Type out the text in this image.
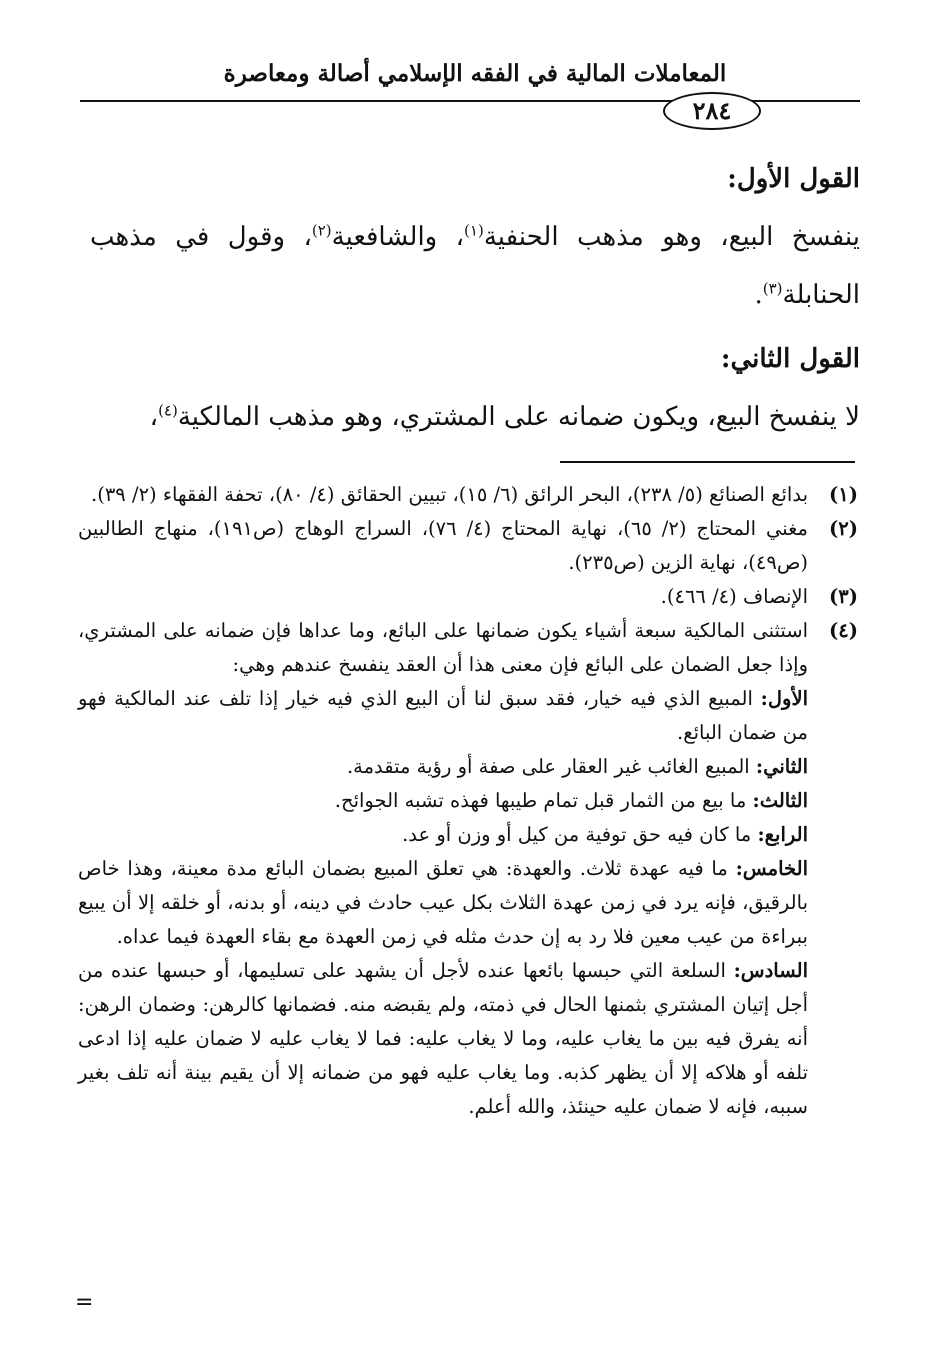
المعاملات المالية في الفقه الإسلامي أصالة ومعاصرة
٢٨٤
القول الأول:
ينفسخ البيع، وهو مذهب الحنفية$^{(١)}$، والشافعية$^{(٢)}$، وقول في مذهب الحنابلة$^{(٣)}$.
القول الثاني:
لا ينفسخ البيع، ويكون ضمانه على المشتري، وهو مذهب المالكية$^{(٤)}$،
(١)
بدائع الصنائع (٥/ ٢٣٨)، البحر الرائق (٦/ ١٥)، تبيين الحقائق (٤/ ٨٠)، تحفة الفقهاء (٢/ ٣٩).
(٢)
مغني المحتاج (٢/ ٦٥)، نهاية المحتاج (٤/ ٧٦)، السراج الوهاج (ص١٩١)، منهاج الطالبين (ص٤٩)، نهاية الزين (ص٢٣٥).
(٣)
الإنصاف (٤/ ٤٦٦).
(٤)
استثنى المالكية سبعة أشياء يكون ضمانها على البائع، وما عداها فإن ضمانه على المشتري، وإذا جعل الضمان على البائع فإن معنى هذا أن العقد ينفسخ عندهم وهي:
الأول: المبيع الذي فيه خيار، فقد سبق لنا أن البيع الذي فيه خيار إذا تلف عند المالكية فهو من ضمان البائع.
الثاني: المبيع الغائب غير العقار على صفة أو رؤية متقدمة.
الثالث: ما بيع من الثمار قبل تمام طيبها فهذه تشبه الجوائح.
الرابع: ما كان فيه حق توفية من كيل أو وزن أو عد.
الخامس: ما فيه عهدة ثلاث. والعهدة: هي تعلق المبيع بضمان البائع مدة معينة، وهذا خاص بالرقيق، فإنه يرد في زمن عهدة الثلاث بكل عيب حادث في دينه، أو بدنه، أو خلقه إلا أن يبيع ببراءة من عيب معين فلا رد به إن حدث مثله في زمن العهدة مع بقاء العهدة فيما عداه.
السادس: السلعة التي حبسها بائعها عنده لأجل أن يشهد على تسليمها، أو حبسها عنده من أجل إتيان المشتري بثمنها الحال في ذمته، ولم يقبضه منه. فضمانها كالرهن: وضمان الرهن: أنه يفرق فيه بين ما يغاب عليه، وما لا يغاب عليه: فما لا يغاب عليه لا ضمان عليه إذا ادعى تلفه أو هلاكه إلا أن يظهر كذبه. وما يغاب عليه فهو من ضمانه إلا أن يقيم بينة أنه تلف بغير سببه، فإنه لا ضمان عليه حينئذ، والله أعلم.
=
